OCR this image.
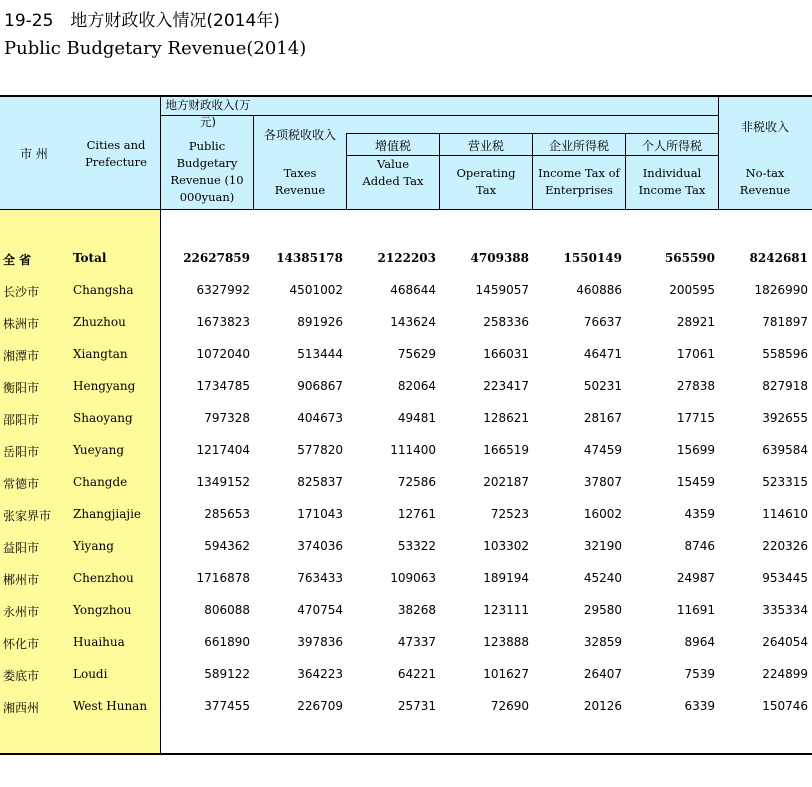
19-25　地方财政收入情况(2014年)
Public Budgetary Revenue(2014)
市 州
Cities and Prefecture
地方财政收入(万元)
Public Budgetary Revenue (10 000yuan)
各项税收收入
Taxes Revenue
增值税
Value Added Tax
营业税
Operating Tax
企业所得税
Income Tax of Enterprises
个人所得税
Individual Income Tax
非税收入
No-tax Revenue
全 省	Total	22627859	14385178	2122203	4709388	1550149	565590	8242681
长沙市	Changsha	6327992	4501002	468644	1459057	460886	200595	1826990
株洲市	Zhuzhou	1673823	891926	143624	258336	76637	28921	781897
湘潭市	Xiangtan	1072040	513444	75629	166031	46471	17061	558596
衡阳市	Hengyang	1734785	906867	82064	223417	50231	27838	827918
邵阳市	Shaoyang	797328	404673	49481	128621	28167	17715	392655
岳阳市	Yueyang	1217404	577820	111400	166519	47459	15699	639584
常德市	Changde	1349152	825837	72586	202187	37807	15459	523315
张家界市 Zhangjiajie	285653	171043	12761	72523	16002	4359	114610
益阳市	Yiyang	594362	374036	53322	103302	32190	8746	220326
郴州市	Chenzhou	1716878	763433	109063	189194	45240	24987	953445
永州市	Yongzhou	806088	470754	38268	123111	29580	11691	335334
怀化市	Huaihua	661890	397836	47337	123888	32859	8964	264054
娄底市	Loudi	589122	364223	64221	101627	26407	7539	224899
湘西州	West Hunan	377455	226709	25731	72690	20126	6339	150746
